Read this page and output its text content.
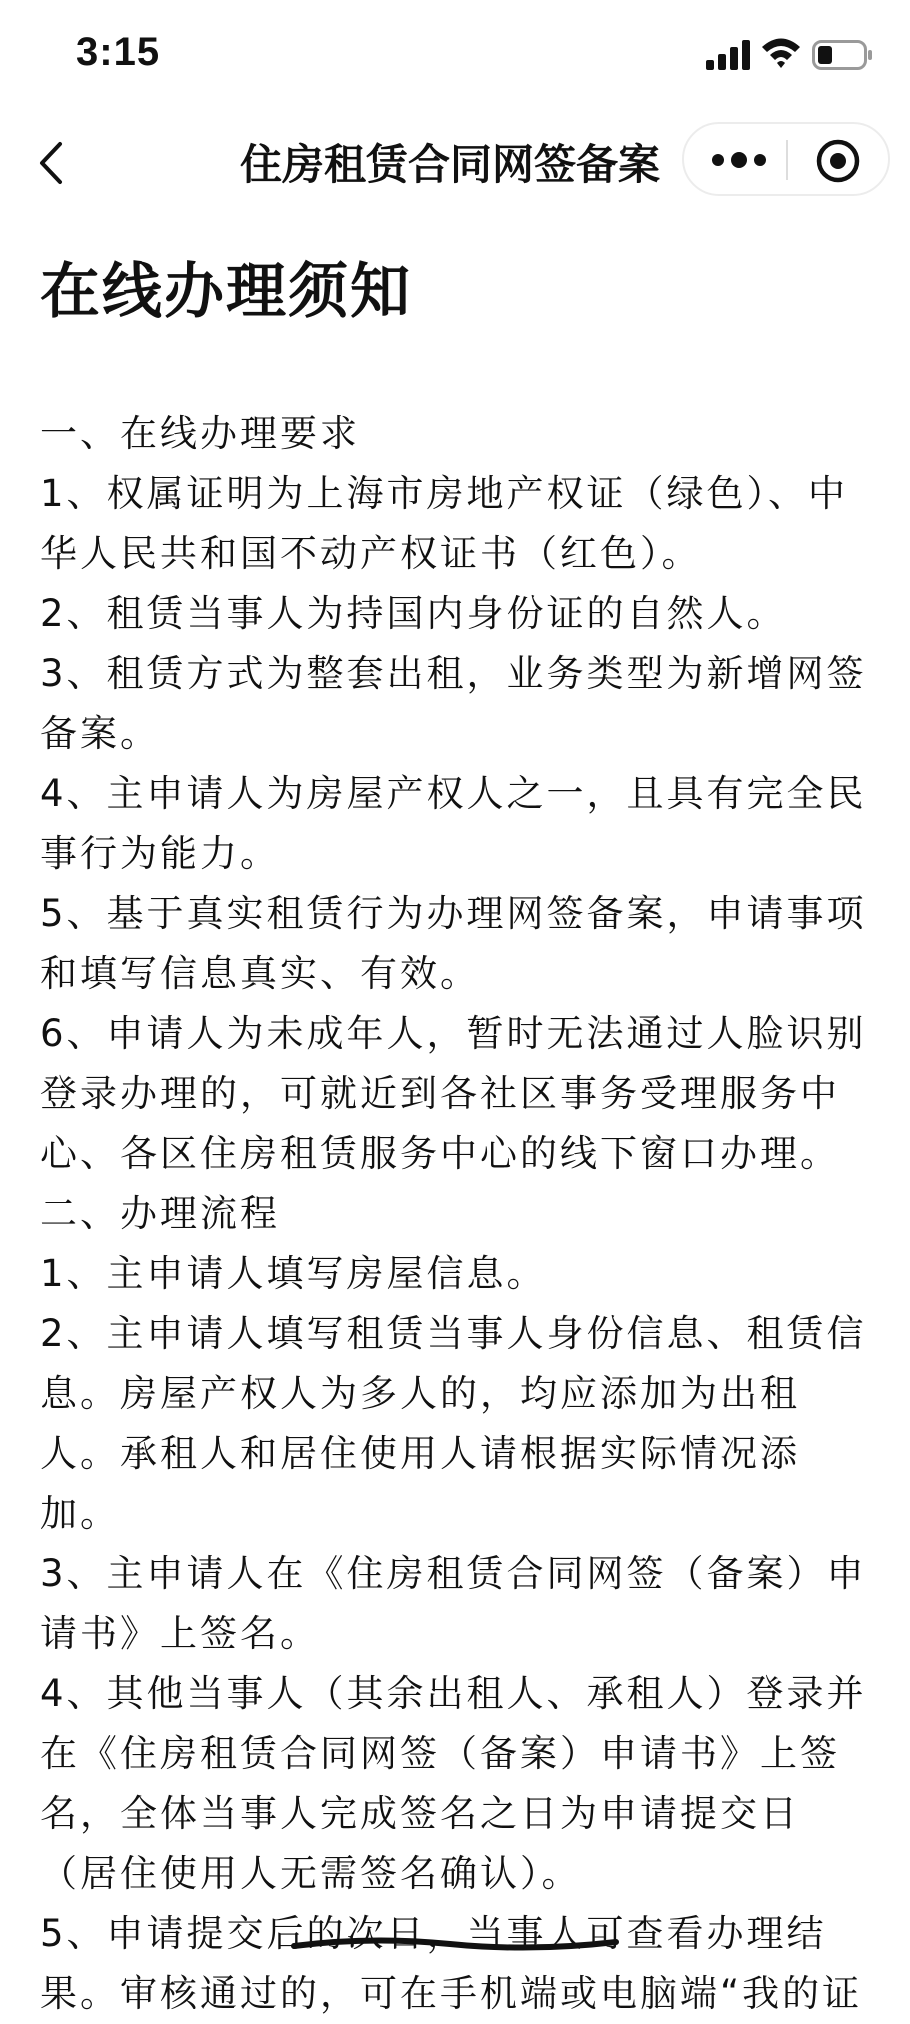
3:15
住房租赁合同网签备案
在线办理须知

一、在线办理要求

1、权属证明为上海市房地产权证（绿色）、中华人民共和国不动产权证书（红色）。

2、租赁当事人为持国内身份证的自然人。

3、租赁方式为整套出租，业务类型为新增网签备案。

4、主申请人为房屋产权人之一，且具有完全民事行为能力。

5、基于真实租赁行为办理网签备案，申请事项和填写信息真实、有效。

6、申请人为未成年人，暂时无法通过人脸识别登录办理的，可就近到各社区事务受理服务中心、各区住房租赁服务中心的线下窗口办理。

二、办理流程

1、主申请人填写房屋信息。

2、主申请人填写租赁当事人身份信息、租赁信息。房屋产权人为多人的，均应添加为出租人。承租人和居住使用人请根据实际情况添加。

3、主申请人在《住房租赁合同网签（备案）申请书》上签名。

4、其他当事人（其余出租人、承租人）登录并在《住房租赁合同网签（备案）申请书》上签名，全体当事人完成签名之日为申请提交日（居住使用人无需签名确认）。

5、申请提交后的次日，当事人可查看办理结果。审核通过的，可在手机端或电脑端“我的证
